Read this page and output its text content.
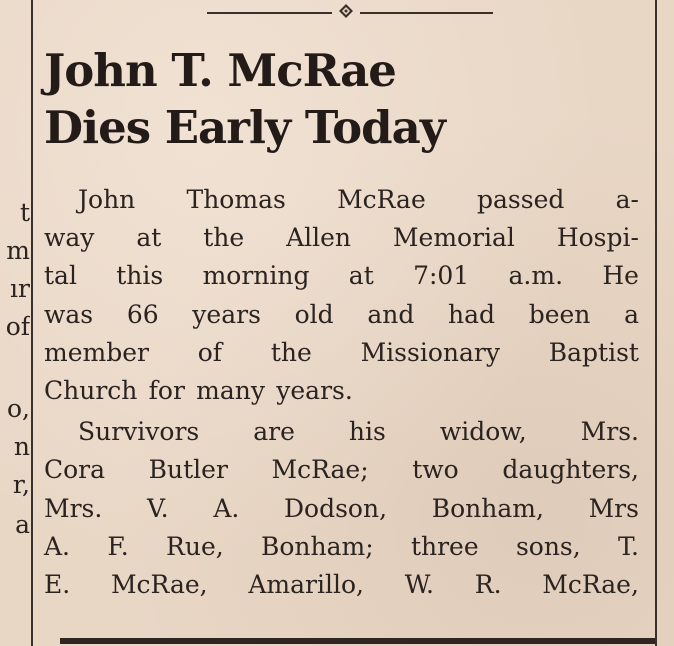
t
m
ır
of
o,
n
r,
a
John T. McRae
Dies Early Today
John Thomas McRae passed a-
way at the Allen Memorial Hospi-
tal this morning at 7:01 a.m. He
was 66 years old and had been a
member of the Missionary Baptist
Church for many years.
Survivors are his widow, Mrs.
Cora Butler McRae; two daughters,
Mrs. V. A. Dodson, Bonham, Mrs
A. F. Rue, Bonham; three sons, T.
E. McRae, Amarillo, W. R. McRae,
